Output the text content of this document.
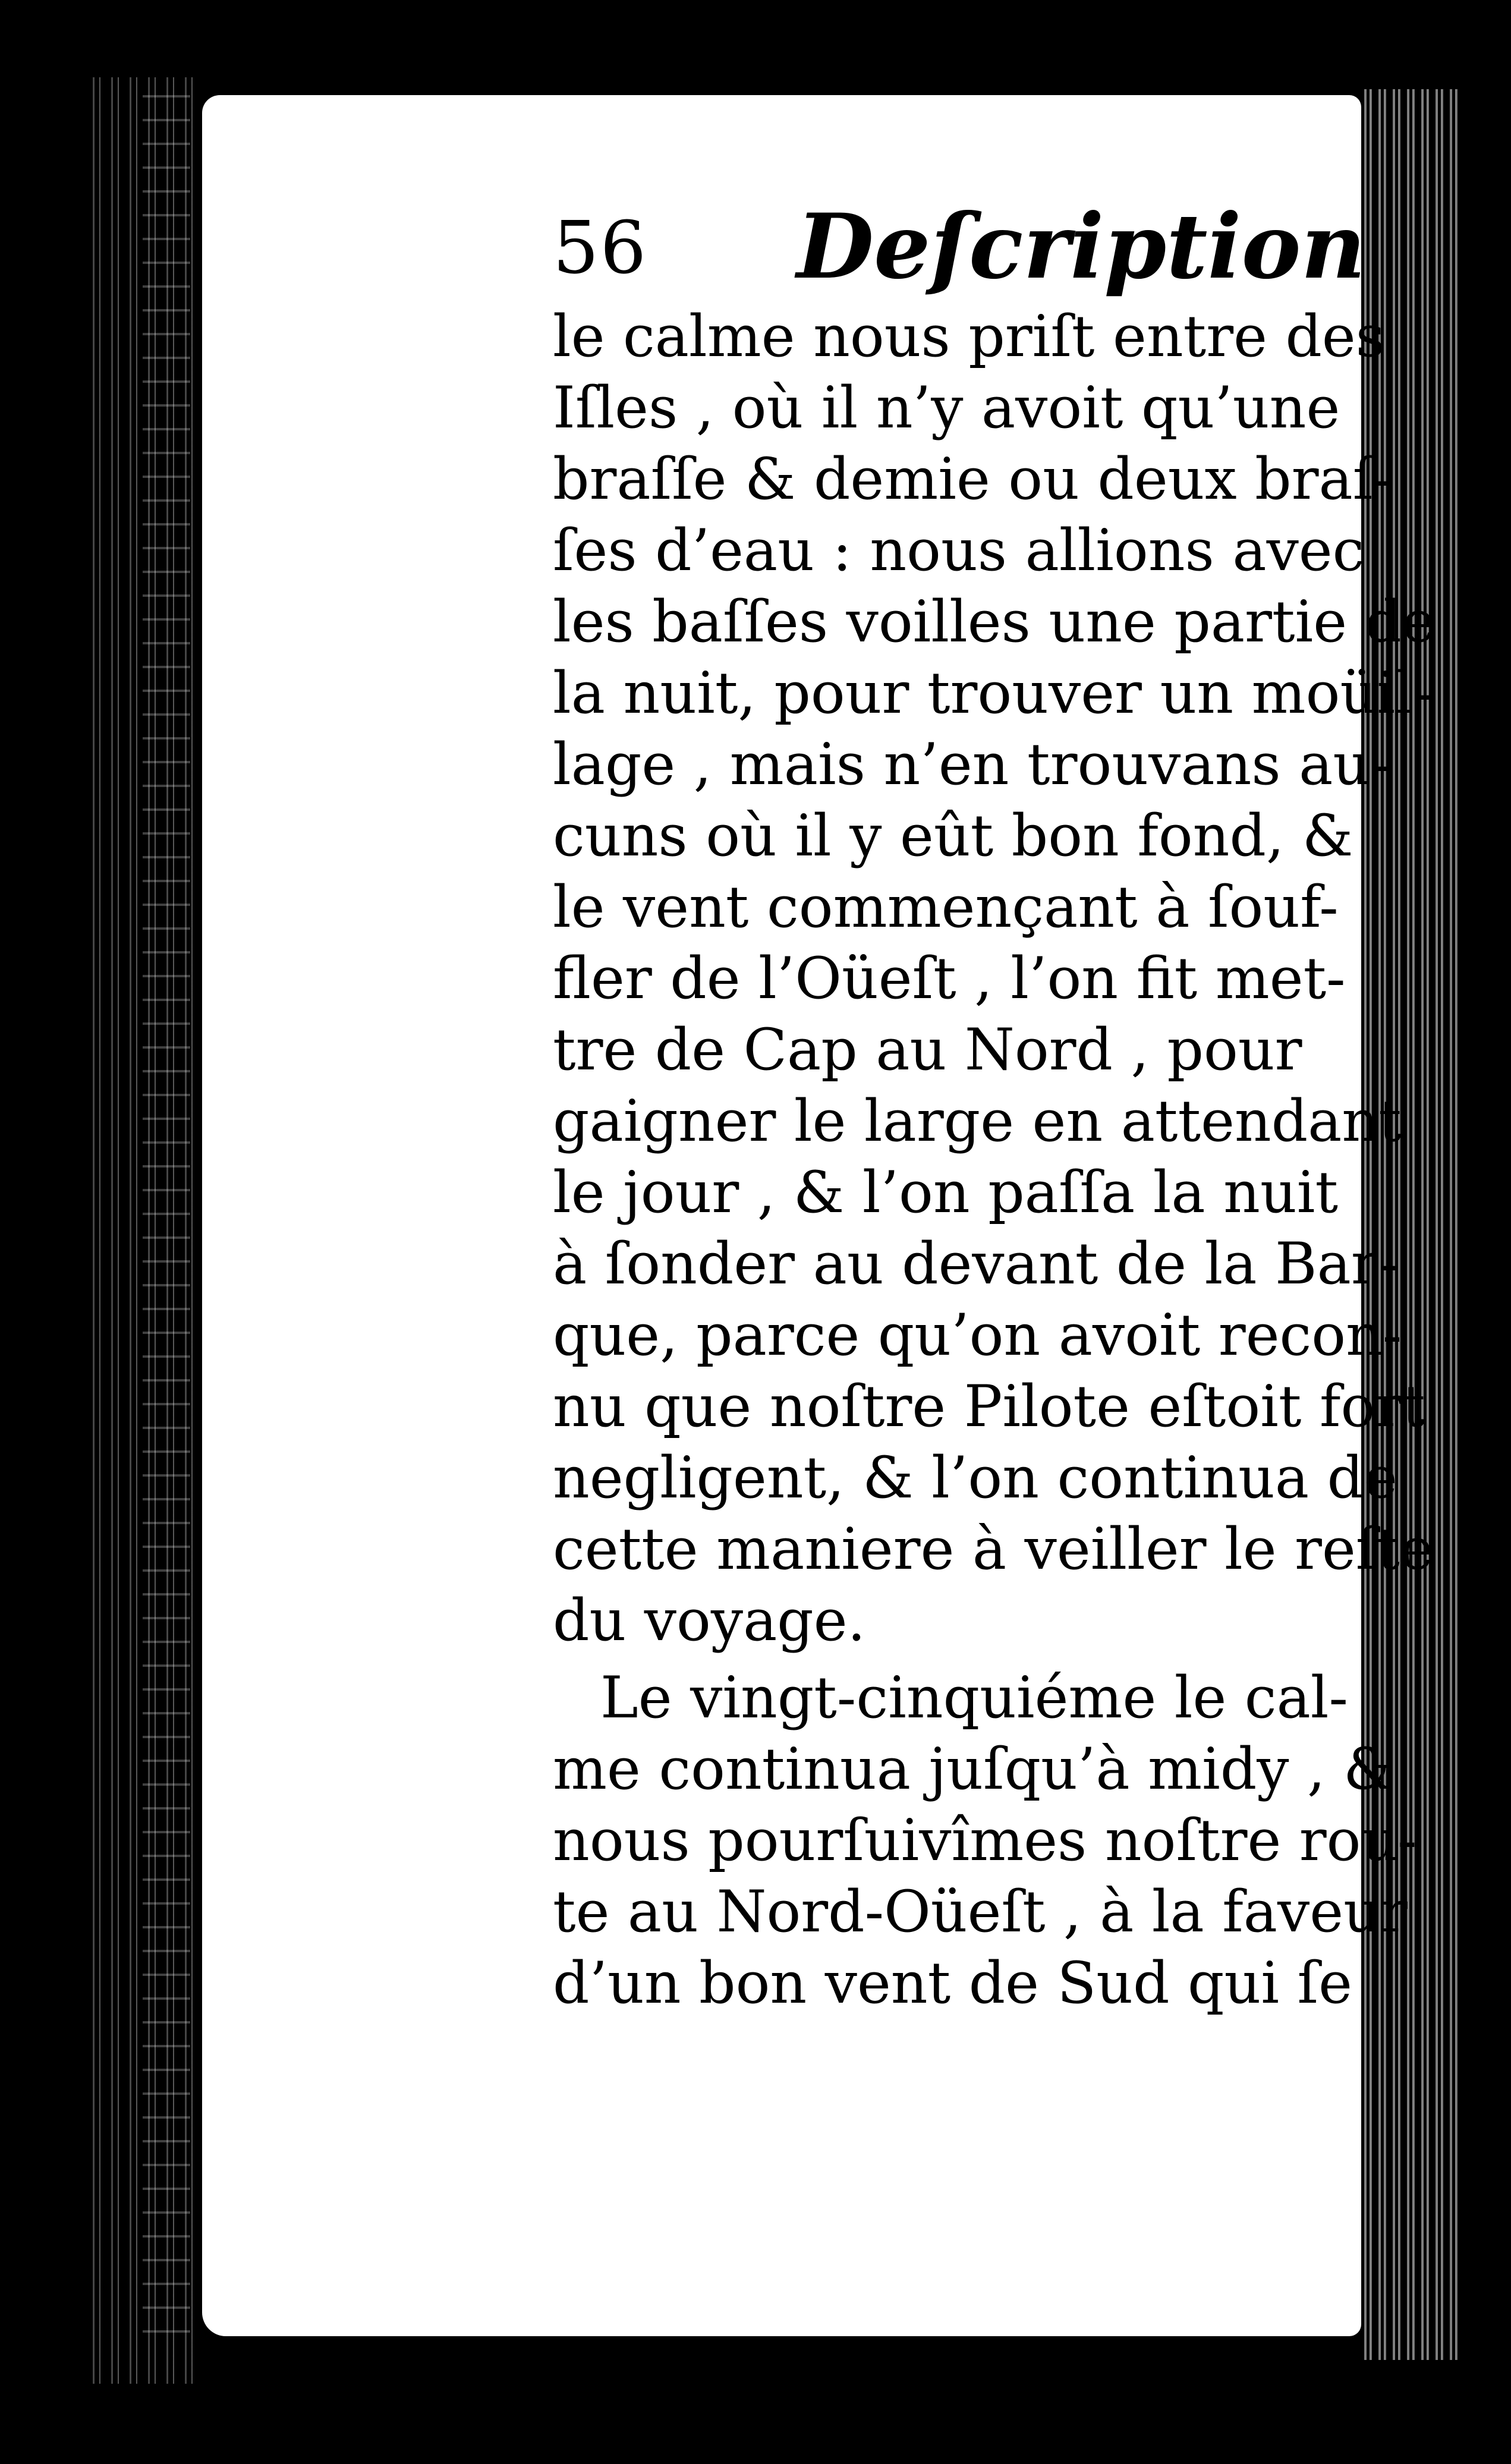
56 Deſcription
le calme nous priſt entre des
Iſles , où il n’y avoit qu’une
braſſe & demie ou deux braſ-
ſes d’eau : nous allions avec
les baſſes voilles une partie de
la nuit, pour trouver un moüil-
lage , mais n’en trouvans au-
cuns où il y eût bon fond, &
le vent commençant à ſouf-
fler de l’Oüeſt , l’on fit met-
tre de Cap au Nord , pour
gaigner le large en attendant
le jour , & l’on paſſa la nuit
à ſonder au devant de la Bar-
que, parce qu’on avoit recon-
nu que noſtre Pilote eſtoit fort
negligent, & l’on continua de
cette maniere à veiller le reſte
du voyage.
Le vingt-cinquiéme le cal-
me continua juſqu’à midy , &
nous pourſuivîmes noſtre rou-
te au Nord-Oüeſt , à la faveur
d’un bon vent de Sud qui ſe
